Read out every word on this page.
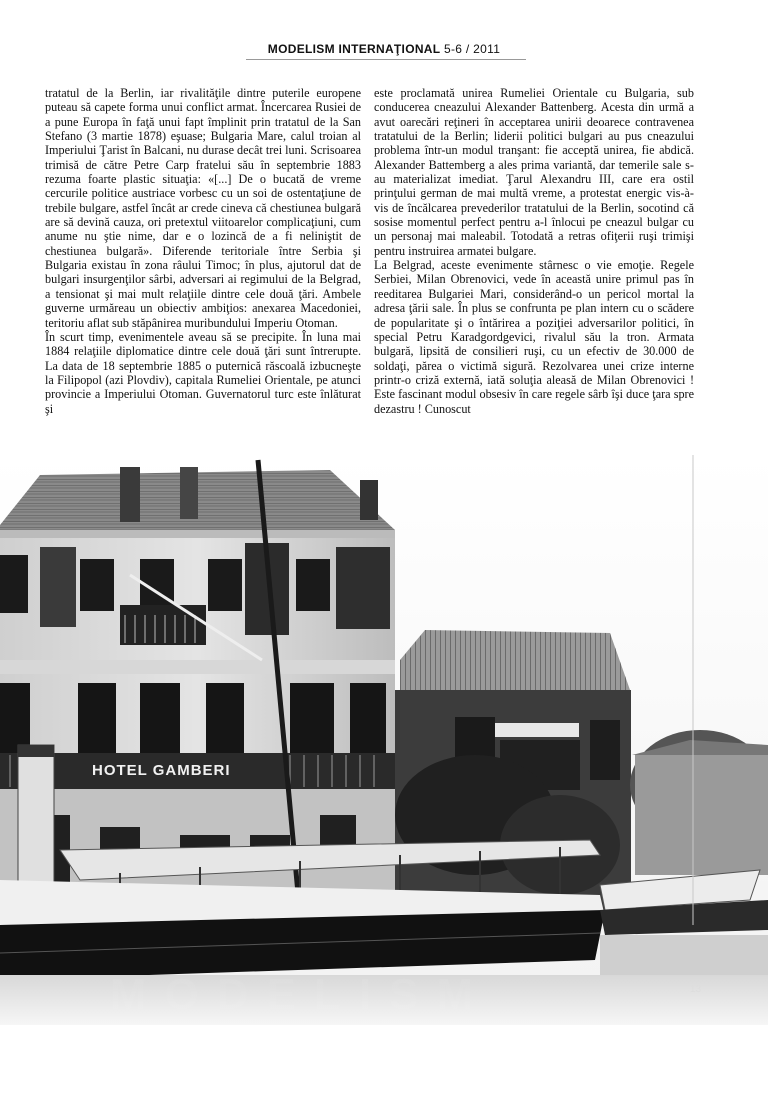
MODELISM INTERNAŢIONAL 5-6 / 2011

tratatul de la Berlin, iar rivalităţile dintre puterile europene puteau să capete forma unui conflict armat. Încercarea Rusiei de a pune Europa în faţă unui fapt împlinit prin tratatul de la San Stefano (3 martie 1878) eşuase; Bulgaria Mare, calul troian al Imperiului Ţarist în Balcani, nu durase decât trei luni. Scrisoarea trimisă de către Petre Carp fratelui său în septembrie 1883 rezuma foarte plastic situaţia: «[...] De o bucată de vreme cercurile politice austriace vorbesc cu un soi de ostentaţiune de trebile bulgare, astfel încât ar crede cineva că chestiunea bulgară are să devină cauza, ori pretextul viitoarelor complicaţiuni, cum anume nu ştie nime, dar e o lozincă de a fi neliniştit de chestiunea bulgară». Diferende teritoriale între Serbia şi Bulgaria existau în zona râului Timoc; în plus, ajutorul dat de bulgari insurgenţilor sârbi, adversari ai regimului de la Belgrad, a tensionat şi mai mult relaţiile dintre cele două ţări. Ambele guverne urmăreau un obiectiv ambiţios: anexarea Macedoniei, teritoriu aflat sub stăpânirea muribundului Imperiu Otoman.

În scurt timp, evenimentele aveau să se precipite. În luna mai 1884 relaţiile diplomatice dintre cele două ţări sunt întrerupte. La data de 18 septembrie 1885 o puternică răscoală izbucneşte la Filipopol (azi Plovdiv), capitala Rumeliei Orientale, pe atunci provincie a Imperiului Otoman. Guvernatorul turc este înlăturat şi

este proclamată unirea Rumeliei Orientale cu Bulgaria, sub conducerea cneazului Alexander Battenberg. Acesta din urmă a avut oarecări reţineri în acceptarea unirii deoarece contravenea tratatului de la Berlin; liderii politici bulgari au pus cneazului problema într-un modul tranşant: fie acceptă unirea, fie abdică. Alexander Battemberg a ales prima variantă, dar temerile sale s-au materializat imediat. Ţarul Alexandru III, care era ostil prinţului german de mai multă vreme, a protestat energic vis-à-vis de încălcarea prevederilor tratatului de la Berlin, socotind că sosise momentul perfect pentru a-l înlocui pe cneazul bulgar cu un personaj mai maleabil. Totodată a retras ofiţerii ruşi trimişi pentru instruirea armatei bulgare.

La Belgrad, aceste evenimente stârnesc o vie emoţie. Regele Serbiei, Milan Obrenovici, vede în această unire primul pas în reeditarea Bulgariei Mari, considerând-o un pericol mortal la adresa ţării sale. În plus se confrunta pe plan intern cu o scădere de popularitate şi o întărirea a poziţiei adversarilor politici, în special Petru Karadgordgevici, rivalul său la tron. Armata bulgară, lipsită de consilieri ruşi, cu un efectiv de 30.000 de soldaţi, părea o victimă sigură. Rezolvarea unei crize interne printr-o criză externă, iată soluţia aleasă de Milan Obrenovici ! Este fascinant modul obsesiv în care regele sârb îşi duce ţara spre dezastru ! Cunoscut

HOTEL GAMBERI
MODELISM	13
